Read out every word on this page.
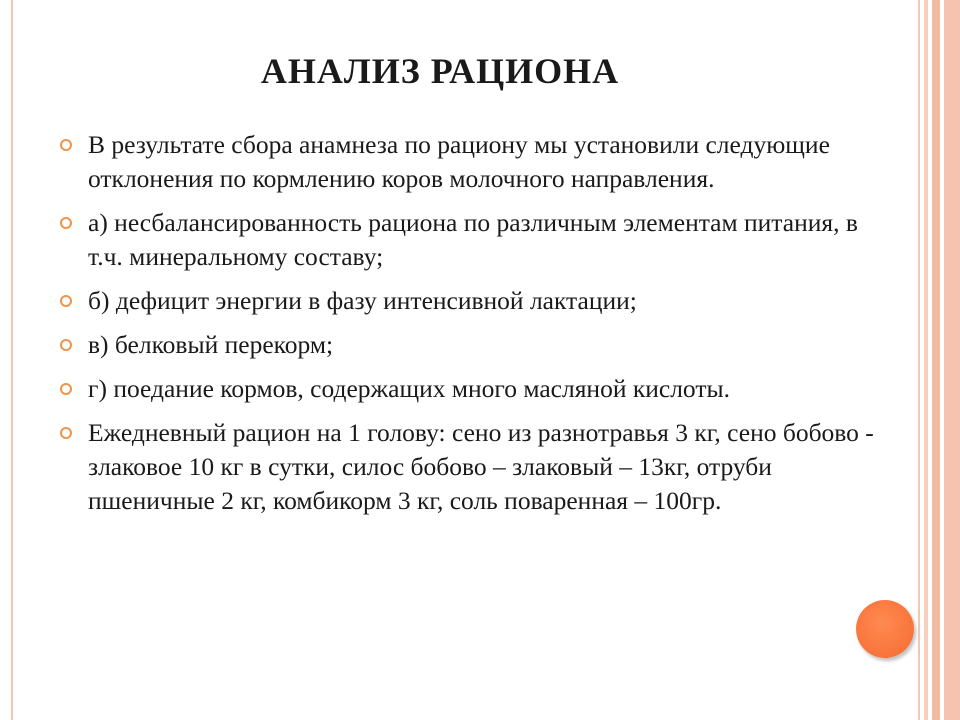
АНАЛИЗ РАЦИОНА
В результате сбора анамнеза по рациону мы установили следующие отклонения по кормлению коров молочного направления.
а) несбалансированность рациона по различным элементам питания, в т.ч. минеральному составу;
б) дефицит энергии в фазу интенсивной лактации;
в) белковый перекорм;
г) поедание кормов, содержащих много масляной кислоты.
Ежедневный рацион на 1 голову: сено из разнотравья 3 кг, сено бобово - злаковое 10 кг в сутки, силос бобово – злаковый – 13кг, отруби пшеничные 2 кг, комбикорм 3 кг, соль поваренная – 100гр.
